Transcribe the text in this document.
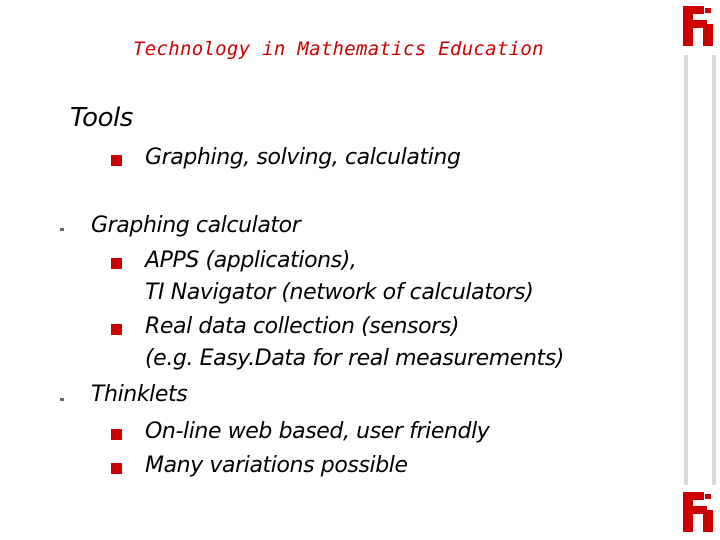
Technology in Mathematics Education
Tools
Graphing, solving, calculating
Graphing calculator
APPS (applications),
TI Navigator (network of calculators)
Real data collection (sensors)
(e.g. Easy.Data for real measurements)
Thinklets
On-line web based, user friendly
Many variations possible
